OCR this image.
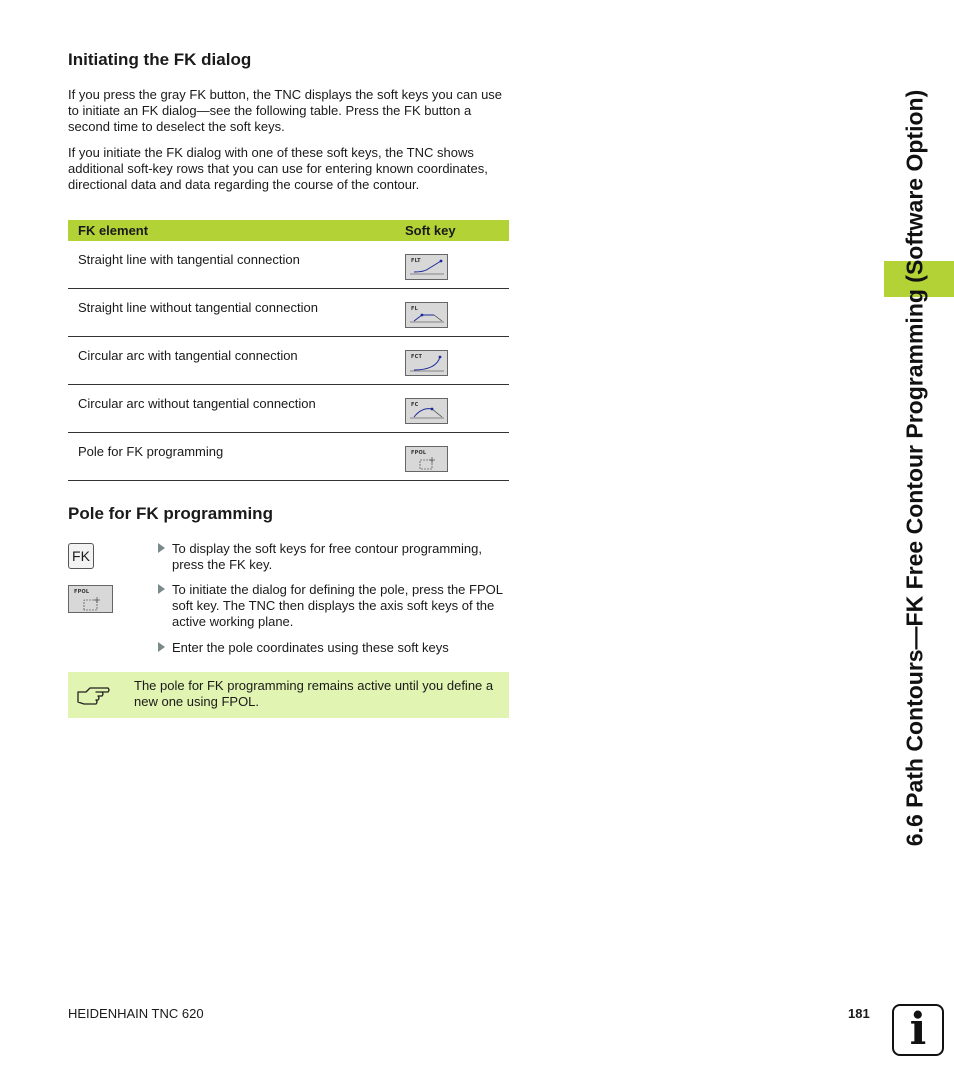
Initiating the FK dialog

If you press the gray FK button, the TNC displays the soft keys you can use to initiate an FK dialog—see the following table. Press the FK button a second time to deselect the soft keys.

If you initiate the FK dialog with one of these soft keys, the TNC shows additional soft-key rows that you can use for entering known coordinates, directional data and data regarding the course of the contour.

FK element	Soft key
Straight line with tangential connection	FLT
Straight line without tangential connection	FL
Circular arc with tangential connection	FCT
Circular arc without tangential connection	FC
Pole for FK programming	FPOL
Pole for FK programming
FK
FPOL
To display the soft keys for free contour programming, press the FK key.
To initiate the dialog for defining the pole, press the FPOL soft key. The TNC then displays the axis soft keys of the active working plane.
Enter the pole coordinates using these soft keys
The pole for FK programming remains active until you define a new one using FPOL.	6.6 Path Contours—FK Free Contour Programming (Software Option)
HEIDENHAIN TNC 620	181 i
